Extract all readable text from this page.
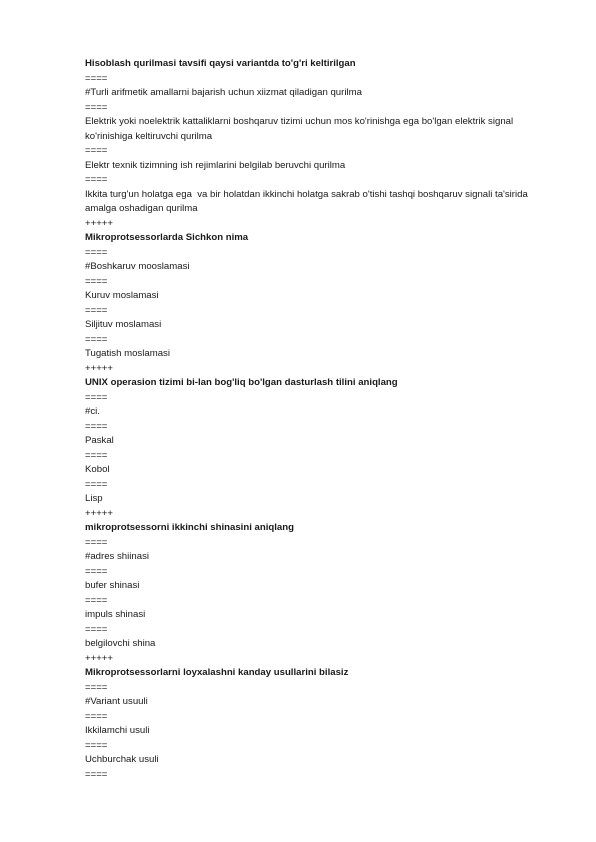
Hisoblash qurilmasi tavsifi qaysi variantda to'g'ri keltirilgan

====

#Turli arifmetik amallarni bajarish uchun xiizmat qiladigan qurilma

====

Elektrik yoki noelektrik kattaliklarni boshqaruv tizimi uchun mos ko'rinishga ega bo'lgan elektrik signal ko'rinishiga keltiruvchi qurilma

====

Elektr texnik tizimning ish rejimlarini belgilab beruvchi qurilma

====

Ikkita turg'un holatga ega  va bir holatdan ikkinchi holatga sakrab o'tishi tashqi boshqaruv signali ta'sirida amalga oshadigan qurilma

+++++

Mikroprotsessorlarda Sichkon nima

====

#Boshkaruv mooslamasi

====

Kuruv moslamasi

====

Siljituv moslamasi

====

Tugatish moslamasi

+++++

UNIX operasion tizimi bi-lan bog'liq bo'lgan dasturlash tilini aniqlang

====

#ci.

====

Paskal

====

Kobol

====

Lisp

+++++

mikroprotsessorni ikkinchi shinasini aniqlang

====

#adres shiinasi

====

bufer shinasi

====

impuls shinasi

====

belgilovchi shina

+++++

Mikroprotsessorlarni loyxalashni kanday usullarini bilasiz

====

#Variant usuuli

====

Ikkilamchi usuli

====

Uchburchak usuli

====
